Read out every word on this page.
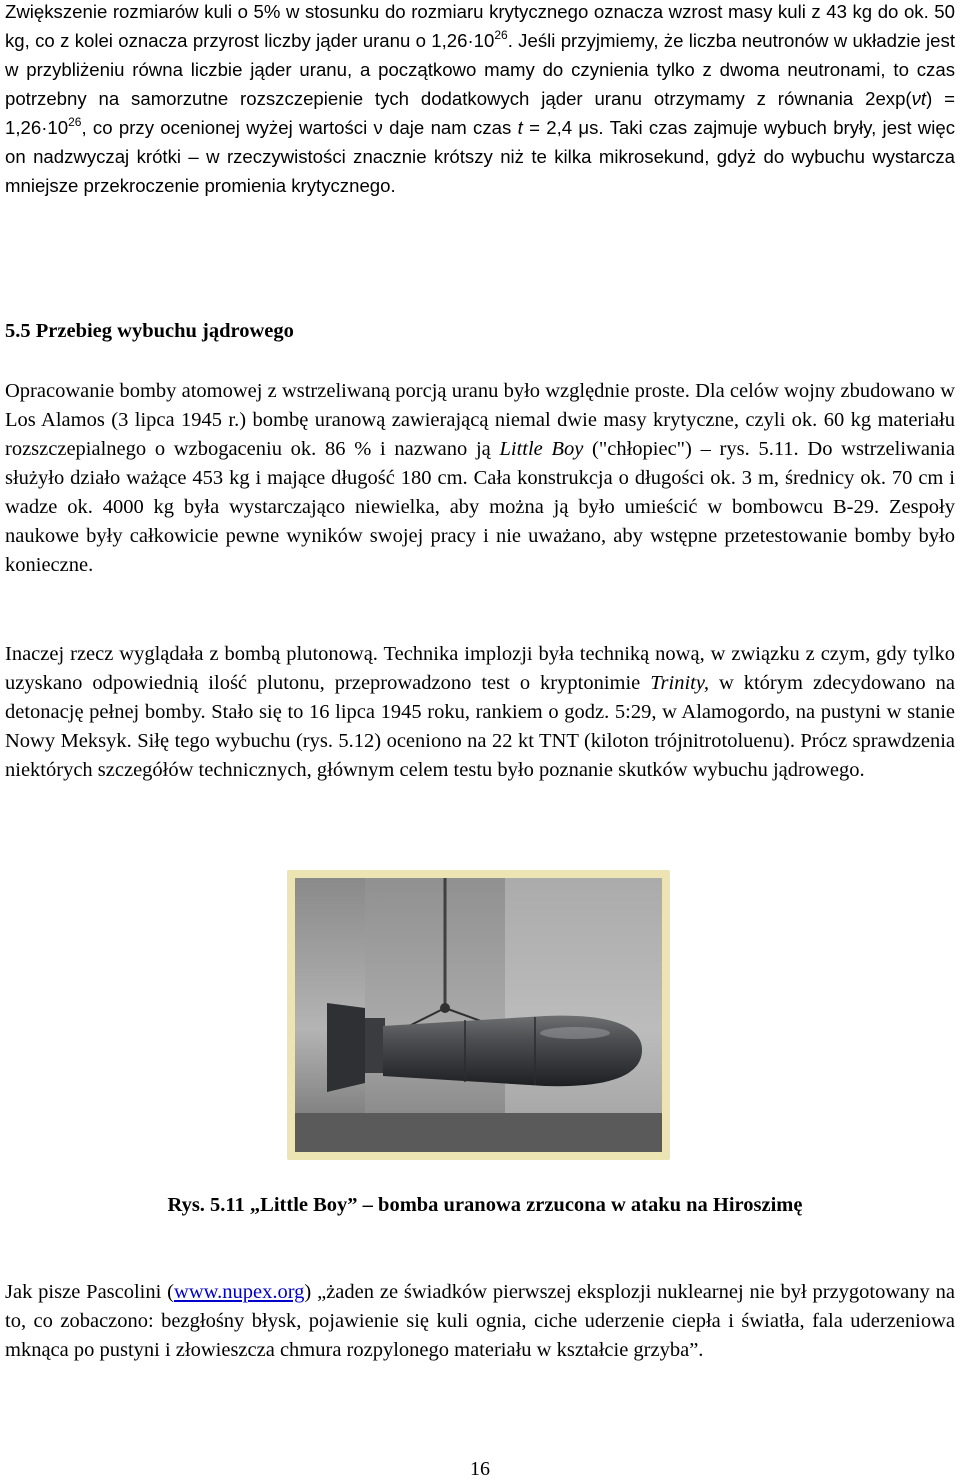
Zwiększenie rozmiarów kuli o 5% w stosunku do rozmiaru krytycznego oznacza wzrost masy kuli z 43 kg do ok. 50 kg, co z kolei oznacza przyrost liczby jąder uranu o $1,26\cdot 10^{26}$. Jeśli przyjmiemy, że liczba neutronów w układzie jest w przybliżeniu równa liczbie jąder uranu, a początkowo mamy do czynienia tylko z dwoma neutronami, to czas potrzebny na samorzutne rozszczepienie tych dodatkowych jąder uranu otrzymamy z równania $2\exp(\nu t) = 1,26\cdot 10^{26}$, co przy ocenionej wyżej wartości ν daje nam czas t = 2,4 μs. Taki czas zajmuje wybuch bryły, jest więc on nadzwyczaj krótki – w rzeczywistości znacznie krótszy niż te kilka mikrosekund, gdyż do wybuchu wystarcza mniejsze przekroczenie promienia krytycznego.

5.5 Przebieg wybuchu jądrowego

Opracowanie bomby atomowej z wstrzeliwaną porcją uranu było względnie proste. Dla celów wojny zbudowano w Los Alamos (3 lipca 1945 r.) bombę uranową zawierającą niemal dwie masy krytyczne, czyli ok. 60 kg materiału rozszczepialnego o wzbogaceniu ok. 86 % i nazwano ją Little Boy ("chłopiec") – rys. 5.11. Do wstrzeliwania służyło działo ważące 453 kg i mające długość 180 cm. Cała konstrukcja o długości ok. 3 m, średnicy ok. 70 cm i wadze ok. 4000 kg była wystarczająco niewielka, aby można ją było umieścić w bombowcu B-29. Zespoły naukowe były całkowicie pewne wyników swojej pracy i nie uważano, aby wstępne przetestowanie bomby było konieczne.

Inaczej rzecz wyglądała z bombą plutonową. Technika implozji była techniką nową, w związku z czym, gdy tylko uzyskano odpowiednią ilość plutonu, przeprowadzono test o kryptonimie Trinity, w którym zdecydowano na detonację pełnej bomby. Stało się to 16 lipca 1945 roku, rankiem o godz. 5:29, w Alamogordo, na pustyni w stanie Nowy Meksyk. Siłę tego wybuchu (rys. 5.12) oceniono na 22 kt TNT (kiloton trójnitrotoluenu). Prócz sprawdzenia niektórych szczegółów technicznych, głównym celem testu było poznanie skutków wybuchu jądrowego.

Rys. 5.11 „Little Boy” – bomba uranowa zrzucona w ataku na Hiroszimę

Jak pisze Pascolini (www.nupex.org) „żaden ze świadków pierwszej eksplozji nuklearnej nie był przygotowany na to, co zobaczono: bezgłośny błysk, pojawienie się kuli ognia, ciche uderzenie ciepła i światła, fala uderzeniowa mknąca po pustyni i złowieszcza chmura rozpylonego materiału w kształcie grzyba”.

16
